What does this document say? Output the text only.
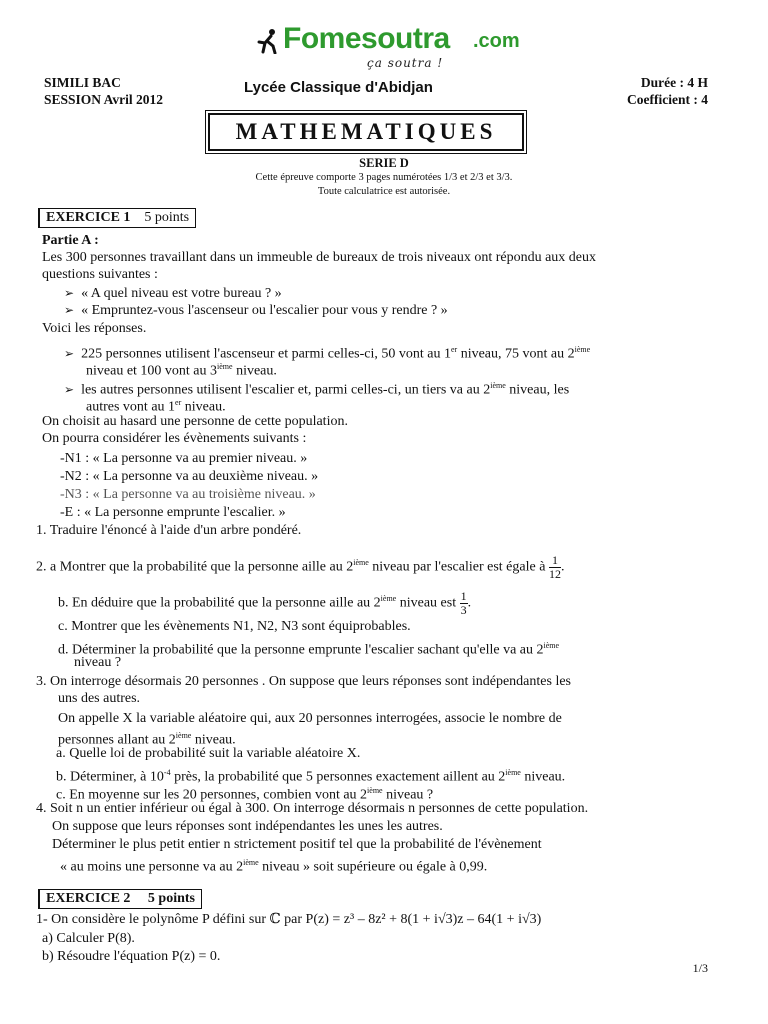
Fomesoutra .com
ça soutra !
SIMILI BAC
SESSION Avril 2012
Lycée Classique d'Abidjan	Durée : 4 H
Coefficient : 4
MATHEMATIQUES
SERIE D
Cette épreuve comporte 3 pages numérotées 1/3 et 2/3 et 3/3.
Toute calculatrice est autorisée.
EXERCICE 1 5 points
Partie A :
Les 300 personnes travaillant dans un immeuble de bureaux de trois niveaux ont répondu aux deux
questions suivantes :
➢ « A quel niveau est votre bureau ? »
➢ « Empruntez-vous l'ascenseur ou l'escalier pour vous y rendre ? »
Voici les réponses.
➢ 225 personnes utilisent l'ascenseur et parmi celles-ci, 50 vont au 1er niveau, 75 vont au 2ième
niveau et 100 vont au 3ième niveau.
➢ les autres personnes utilisent l'escalier et, parmi celles-ci, un tiers va au 2ième niveau, les
autres vont au 1er niveau.
On choisit au hasard une personne de cette population.
On pourra considérer les évènements suivants :
-N1 : « La personne va au premier niveau. »
-N2 : « La personne va au deuxième niveau. »
-N3 : « La personne va au troisième niveau. »
-E : « La personne emprunte l'escalier. »
1. Traduire l'énoncé à l'aide d'un arbre pondéré.
2. a Montrer que la probabilité que la personne aille au 2ième niveau par l'escalier est égale à $\frac{1}{12}$ .
b. En déduire que la probabilité que la personne aille au 2ième niveau est $\frac{1}{3}$ .
c. Montrer que les évènements N1, N2, N3 sont équiprobables.
d. Déterminer la probabilité que la personne emprunte l'escalier sachant qu'elle va au 2ième
niveau ?
3. On interroge désormais 20 personnes . On suppose que leurs réponses sont indépendantes les
uns des autres.
On appelle X la variable aléatoire qui, aux 20 personnes interrogées, associe le nombre de
personnes allant au 2ième niveau.
a. Quelle loi de probabilité suit la variable aléatoire X.
b. Déterminer, à $10^{-4}$ près, la probabilité que 5 personnes exactement aillent au 2ième niveau.
c. En moyenne sur les 20 personnes, combien vont au 2ième niveau ?
4. Soit n un entier inférieur ou égal à 300. On interroge désormais n personnes de cette population.
On suppose que leurs réponses sont indépendantes les unes les autres.
Déterminer le plus petit entier n strictement positif tel que la probabilité de l'évènement
« au moins une personne va au 2ième niveau » soit supérieure ou égale à 0,99.
EXERCICE 2 5 points
1- On considère le polynôme P défini sur ℂ par P(z) = z³ – 8z² + 8(1 + i√3)z – 64(1 + i√3)
a) Calculer P(8).
b) Résoudre l'équation P(z) = 0.
1/3
